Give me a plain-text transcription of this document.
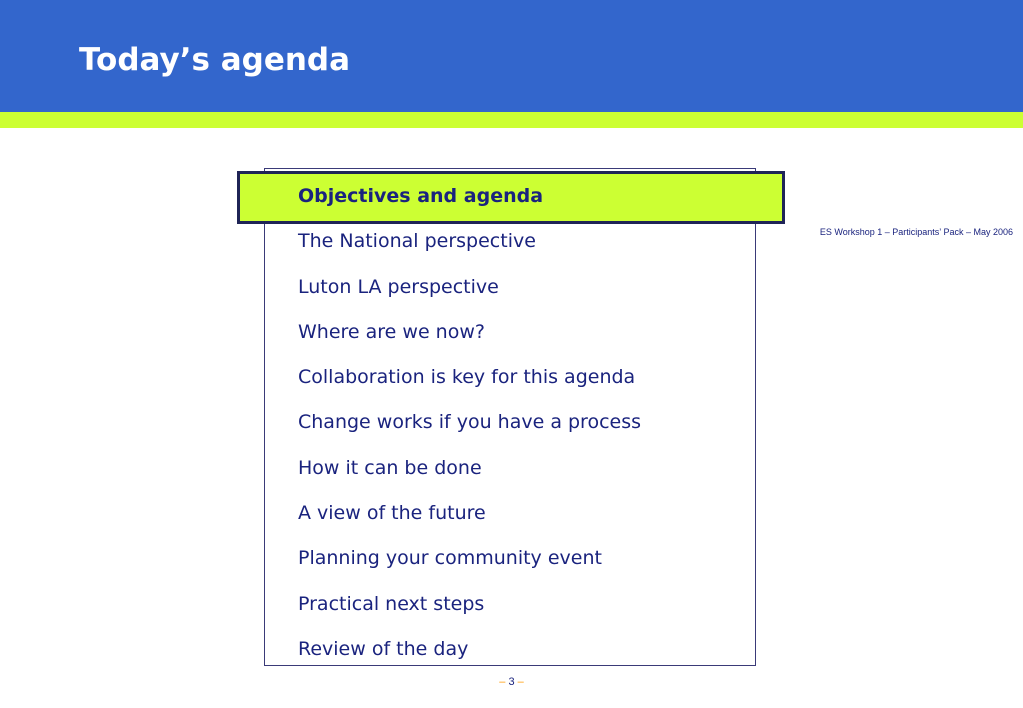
Today’s agenda
ES Workshop 1 – Participants’ Pack – May 2006
Objectives and agenda
The National perspective
Luton LA perspective
Where are we now?
Collaboration is key for this agenda
Change works if you have a process
How it can be done
A view of the future
Planning your community event
Practical next steps
Review of the day
– 3 –
